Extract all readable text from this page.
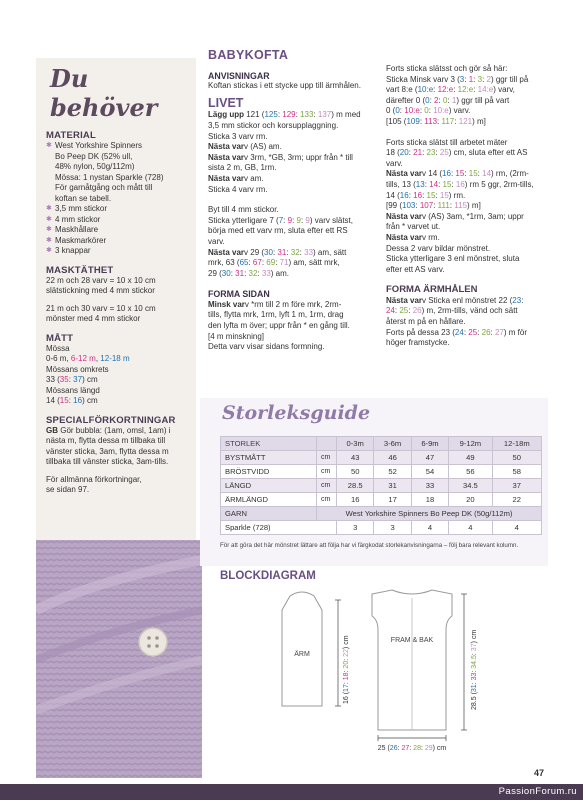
Du behöver
MATERIAL
✱ West Yorkshire Spinners
Bo Peep DK (52% ull,
48% nylon, 50g/112m)
Mössa: 1 nystan Sparkle (728)
För garnåtgång och mått till
koftan se tabell.
✱ 3,5 mm stickor
✱ 4 mm stickor
✱ Maskhållare
✱ Maskmarkörer
✱ 3 knappar
MASKTÄTHET
22 m och 28 varv = 10 x 10 cm
slätstickning med 4 mm stickor
21 m och 30 varv = 10 x 10 cm
mönster med 4 mm stickor
MÅTT
Mössa
0-6 m, 6-12 m, 12-18 m
Mössans omkrets
33 (35: 37) cm
Mössans längd
14 (15: 16) cm
SPECIALFÖRKORTNINGAR
GB Gör bubbla: (1am, omsl, 1am) i
nästa m, flytta dessa m tillbaka till
vänster sticka, 3am, flytta dessa m
tillbaka till vänster sticka, 3am-tills.
För allmänna förkortningar,
se sidan 97.
BABYKOFTA
ANVISNINGAR
Koftan stickas i ett stycke upp till ärmhålen.
LIVET
Lägg upp 121 (125: 129: 133: 137) m med
3,5 mm stickor och korsupplaggning.
Sticka 3 varv rm.
Nästa varv (AS) am.
Nästa varv 3rm, *GB, 3rm; uppr från * till
sista 2 m, GB, 1rm.
Nästa varv am.
Sticka 4 varv rm.
Byt till 4 mm stickor.
Sticka ytterligare 7 (7: 9: 9: 9) varv slätst,
börja med ett varv rm, sluta efter ett RS
varv.
Nästa varv 29 (30: 31: 32: 33) am, sätt
mrk, 63 (65: 67: 69: 71) am, sätt mrk,
29 (30: 31: 32: 33) am.
FORMA SIDAN
Minsk varv *rm till 2 m före mrk, 2rm-
tills, flytta mrk, 1rm, lyft 1 m, 1rm, drag
den lyfta m över; uppr från * en gång till.
[4 m minskning]
Detta varv visar sidans formning.
Forts sticka slätsst och gör så här:
Sticka Minsk varv 3 (3: 1: 3: 2) ggr till på
vart 8:e (10:e: 12:e: 12:e: 14:e) varv,
därefter 0 (0: 2: 0: 1) ggr till på vart
0 (0: 10:e: 0: 10:e) varv.
[105 (109: 113: 117: 121) m]
Forts sticka slätst till arbetet mäter
18 (20: 21: 23: 25) cm, sluta efter ett AS
varv.
Nästa varv 14 (16: 15: 15: 14) rm, (2rm-
tills, 13 (13: 14: 15: 16) rm 5 ggr, 2rm-tills,
14 (16: 16: 15: 15) rm.
[99 (103: 107: 111: 115) m]
Nästa varv (AS) 3am, *1rm, 3am; uppr
från * varvet ut.
Nästa varv rm.
Dessa 2 varv bildar mönstret.
Sticka ytterligare 3 enl mönstret, sluta
efter ett AS varv.
FORMA ÄRMHÅLEN
Nästa varv Sticka enl mönstret 22 (23:
24: 25: 26) m, 2rm-tills, vänd och sätt
återst m på en hållare.
Forts på dessa 23 (24: 25: 26: 27) m för
höger framstycke.
Storleksguide
STORLEK		0-3m	3-6m	6-9m	9-12m	12-18m
BYSTMÅTT	cm	43	46	47	49	50
BRÖSTVIDD	cm	50	52	54	56	58
LÄNGD	cm	28.5	31	33	34.5	37
ÄRMLÄNGD	cm	16	17	18	20	22
GARN	West Yorkshire Spinners Bo Peep DK (50g/112m)					
Sparkle (728)		3	3	4	4	4
För att göra det här mönstret lättare att följa har vi färgkodat storlekanvisningarna – följ bara relevant kolumn.
BLOCKDIAGRAM
ÄRM
16 (17: 18: 20: 22) cm	FRAM & BAK
28.5 (31: 33: 34.5: 37) cm
25 (26: 27: 28: 29) cm
47
PassionForum.ru
